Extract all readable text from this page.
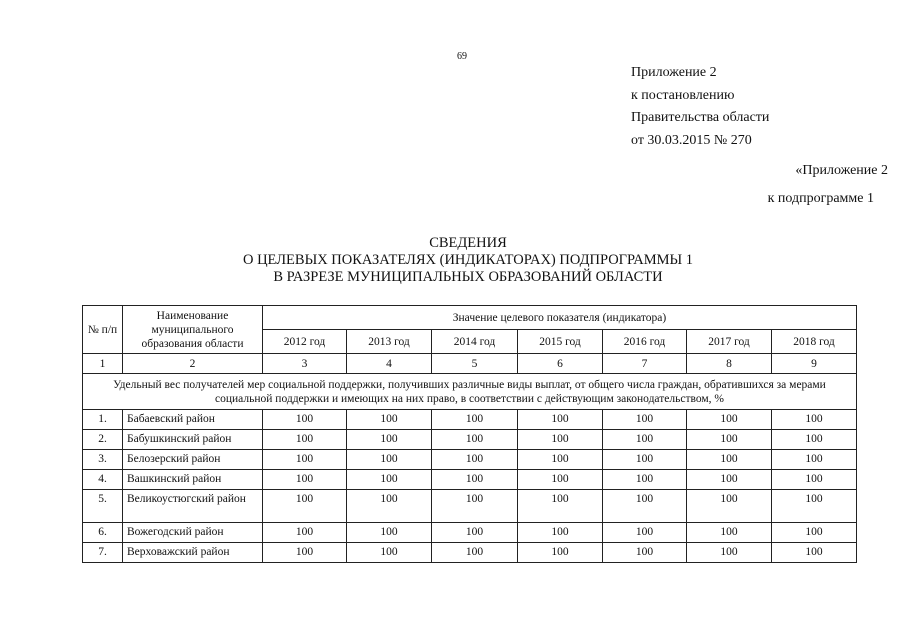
69
Приложение 2
к постановлению
Правительства области
от 30.03.2015 № 270
«Приложение 2
к подпрограмме 1
СВЕДЕНИЯ
О ЦЕЛЕВЫХ ПОКАЗАТЕЛЯХ (ИНДИКАТОРАХ) ПОДПРОГРАММЫ 1
В РАЗРЕЗЕ МУНИЦИПАЛЬНЫХ ОБРАЗОВАНИЙ ОБЛАСТИ
№ п/п	Наименование муниципального образования области	Значение целевого показателя (индикатора)						
		2012 год	2013 год	2014 год	2015 год	2016 год	2017 год	2018 год
1	2	3	4	5	6	7	8	9
Удельный вес получателей мер социальной поддержки, получивших различные виды выплат, от общего числа граждан, обратившихся за мерами социальной поддержки и имеющих на них право, в соответствии с действующим законодательством, %								
1.	Бабаевский район	100	100	100	100	100	100	100
2.	Бабушкинский район	100	100	100	100	100	100	100
3.	Белозерский район	100	100	100	100	100	100	100
4.	Вашкинский район	100	100	100	100	100	100	100
5.	Великоустюгский район	100	100	100	100	100	100	100
6.	Вожегодский район	100	100	100	100	100	100	100
7.	Верховажский район	100	100	100	100	100	100	100
